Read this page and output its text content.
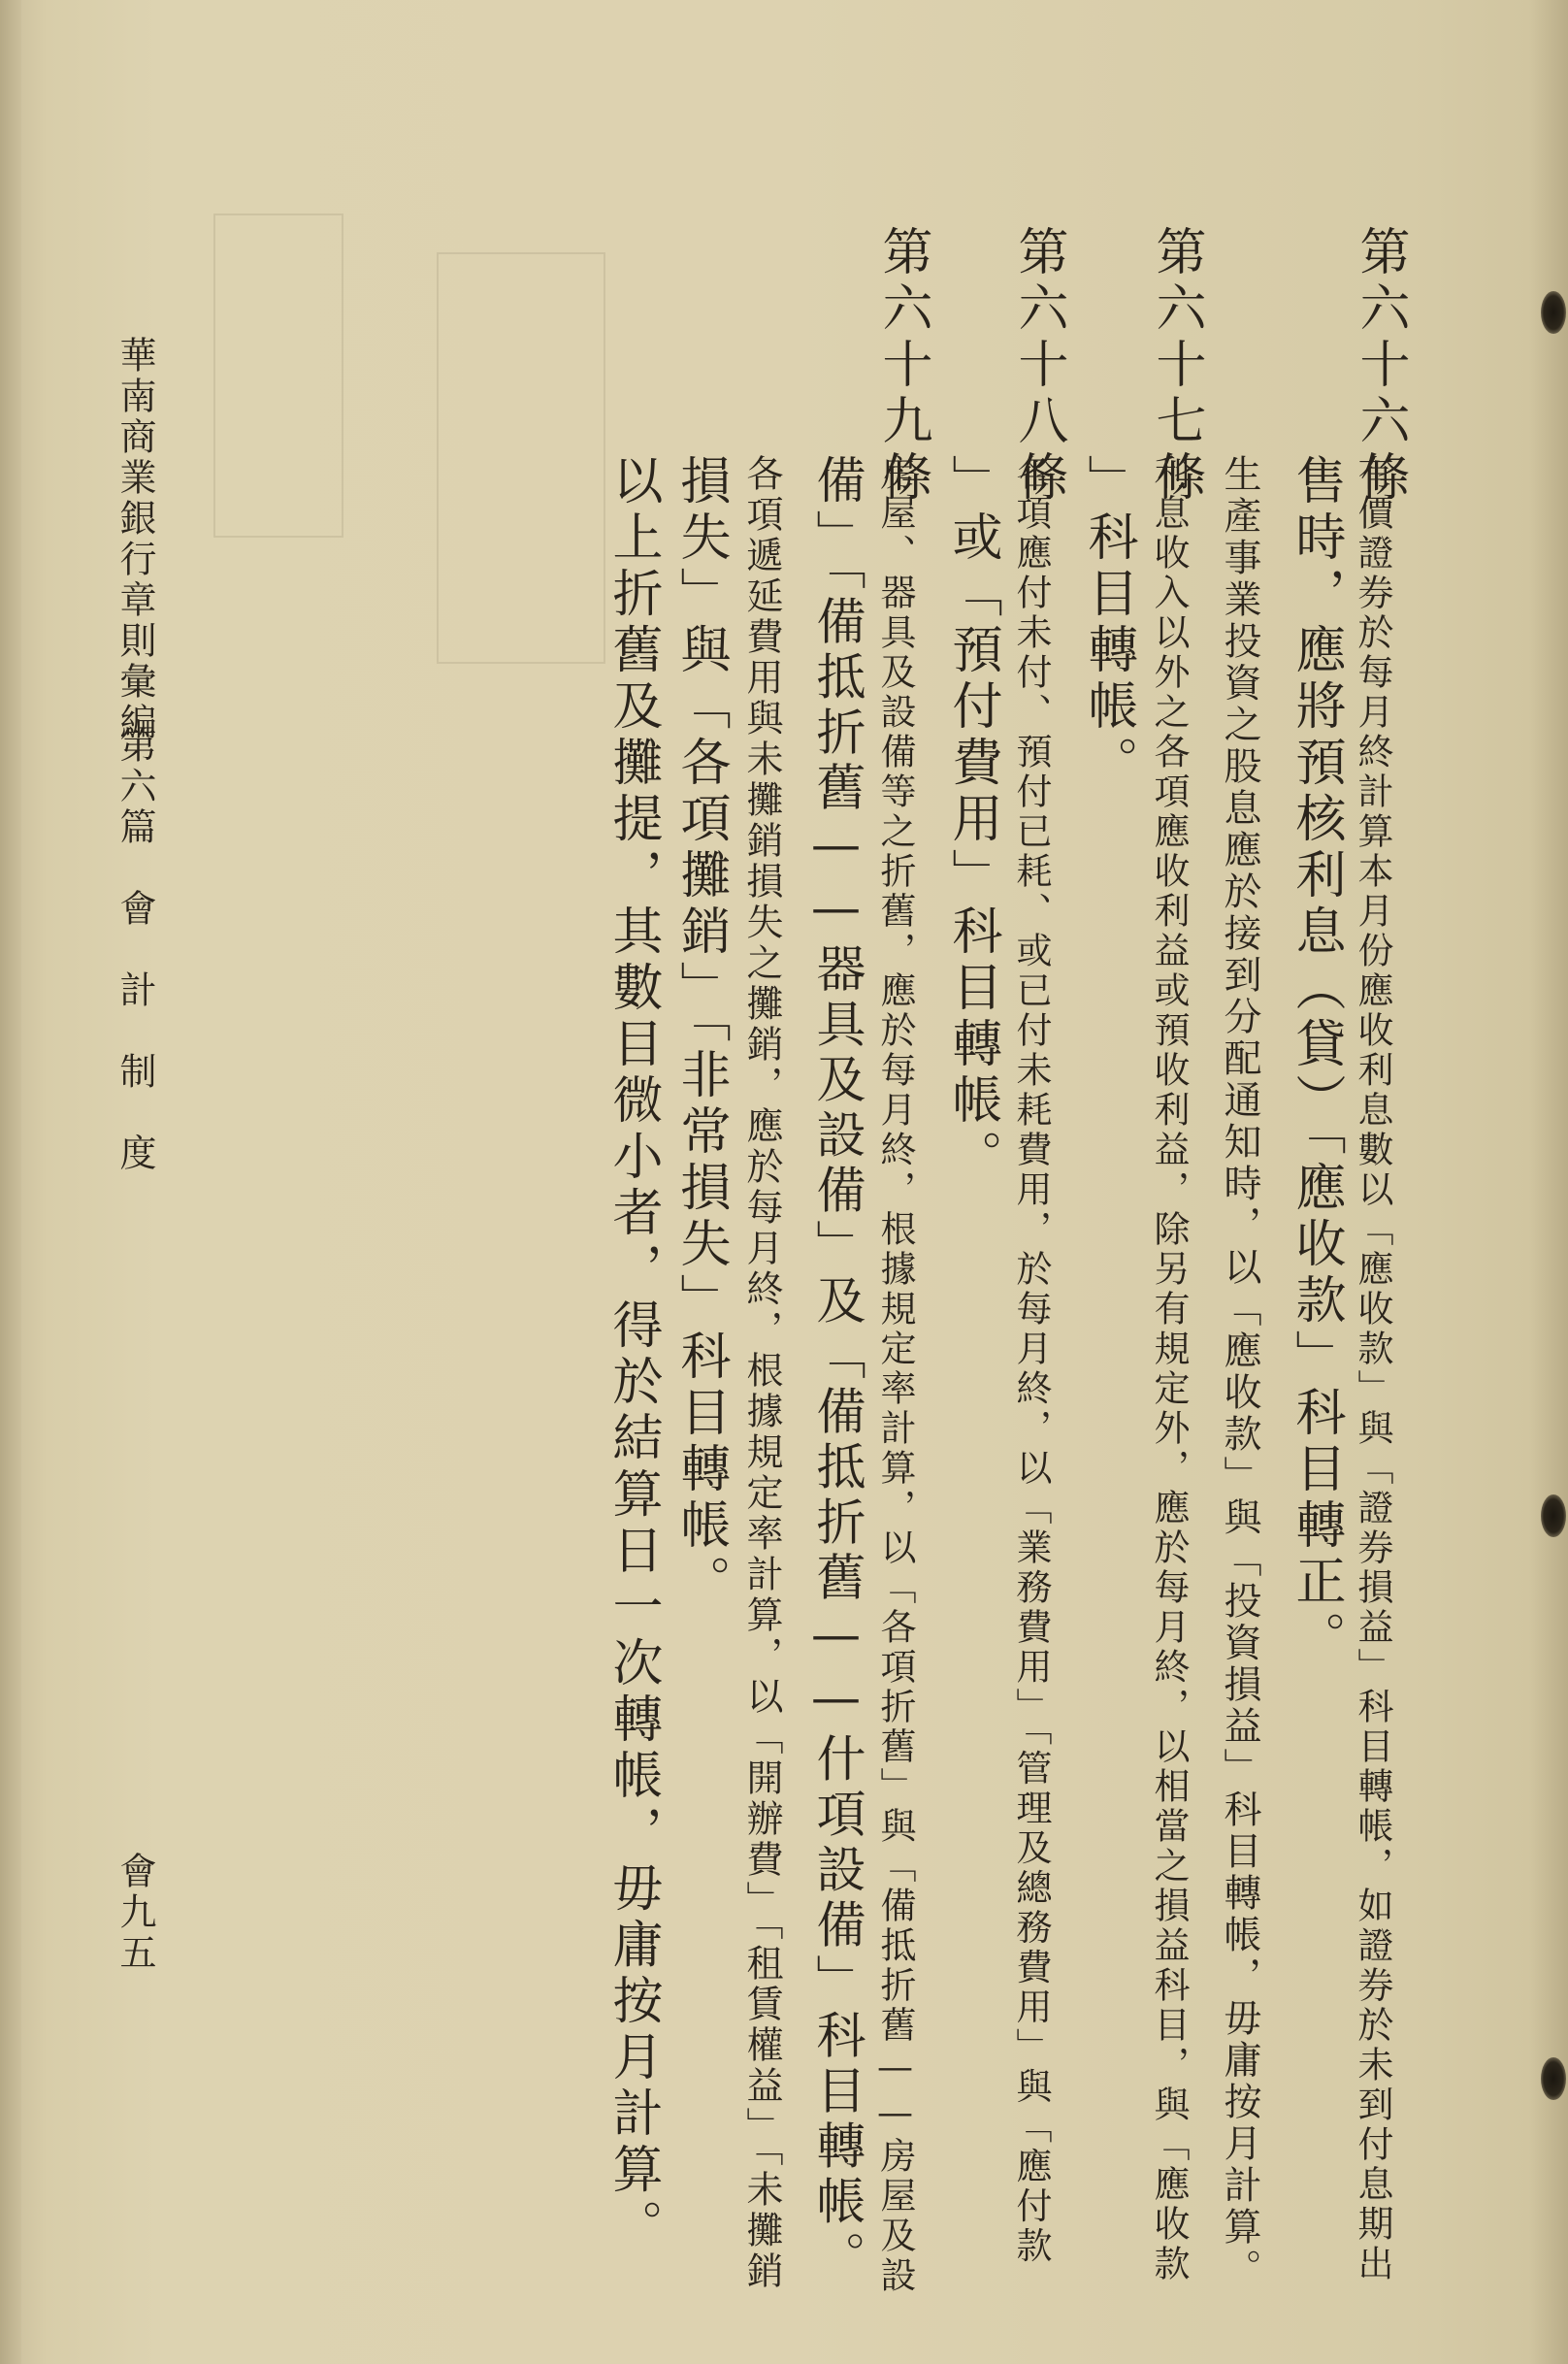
第六十六條
有價證券於每月終計算本月份應收利息數以「應收款」與「證券損益」科目轉帳，如證券於未到付息期出
售時，應將預核利息（貸）「應收款」科目轉正。
第六十七條
生產事業投資之股息應於接到分配通知時，以「應收款」與「投資損益」科目轉帳，毋庸按月計算。
利息收入以外之各項應收利益或預收利益，除另有規定外，應於每月終，以相當之損益科目，與「應收款
」科目轉帳。
第六十八條
各項應付未付、預付已耗、或已付未耗費用，於每月終，以「業務費用」「管理及總務費用」與「應付款
」或「預付費用」科目轉帳。
第六十九條
房屋、器具及設備等之折舊，應於每月終，根據規定率計算，以「各項折舊」與「備抵折舊——房屋及設
備」「備抵折舊——器具及設備」及「備抵折舊——什項設備」科目轉帳。
各項遞延費用與未攤銷損失之攤銷，應於每月終，根據規定率計算，以「開辦費」「租賃權益」「未攤銷
損失」與「各項攤銷」「非常損失」科目轉帳。
以上折舊及攤提，其數目微小者，得於結算日一次轉帳，毋庸按月計算。
華南商業銀行章則彙編
第六篇　會　計　制　度
會九五
